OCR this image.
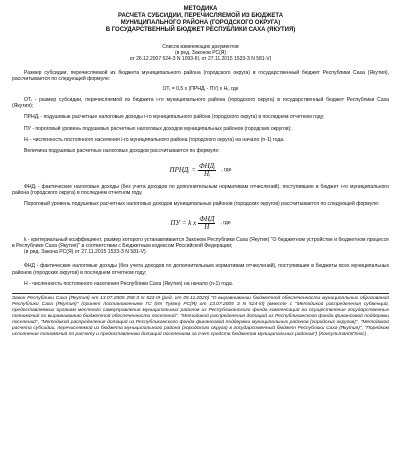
МЕТОДИКА

РАСЧЕТА СУБСИДИИ, ПЕРЕЧИСЛЯЕМОЙ ИЗ БЮДЖЕТА

МУНИЦИПАЛЬНОГО РАЙОНА (ГОРОДСКОГО ОКРУГА)

В ГОСУДАРСТВЕННЫЙ БЮДЖЕТ РЕСПУБЛИКИ САХА (ЯКУТИЯ)

Список изменяющих документов

(в ред. Законов РС(Я)

от 26.12.2007 524-З N 1093-III, от 27.11.2015 1533-З N 581-V)

Размер субсидии, перечисляемой из бюджета муниципального района (городского округа) в государственный бюджет Республики Саха (Якутия), рассчитывается по следующей формуле:

ОТᵢ = 0,5 х (ПРНДᵢ - ПУ) х Нᵢ, где

ОТᵢ - размер субсидии, перечисляемой из бюджета i-го муниципального района (городского округа) в государственный бюджет Республики Саха (Якутия);

ПРНДᵢ - подушевые расчетные налоговые доходы i-го муниципального района (городского округа) в последнем отчетном году;

ПУ - пороговый уровень подушевых расчетных налоговых доходов муниципальных районов (городских округов);

Нᵢ - численность постоянного населения i-го муниципального района (городского округа) на начало (n-1) года.

Величина подушевых расчетных налоговых доходов рассчитывается по формуле:

ПРНДᵢ = $\frac{\text{ФНДᵢ}}{\text{Нᵢ}}$ , где

ФНДᵢ - фактические налоговые доходы (без учета доходов по дополнительным нормативам отчислений), поступившие в бюджет i-го муниципального района (городского округа) в последнем отчетном году.

Пороговый уровень подушевых расчетных налоговых доходов муниципальных районов (городских округов) рассчитывается по следующей формуле:

ПУ = k x $\frac{\text{ФНД}}{Н}$ , где

k - критериальный коэффициент, размер которого устанавливается Законом Республики Саха (Якутия) "О бюджетном устройстве и бюджетном процессе в Республике Саха (Якутия)" в соответствии с Бюджетным кодексом Российской Федерации;

(в ред. Закона РС(Я) от 27.11.2015 1533-З N 581-V)

ФНД - фактические налоговые доходы (без учета доходов по дополнительным нормативам отчислений), поступившие в бюджеты всех муниципальных районов (городских округов) в последнем отчетном году;

Н - численность постоянного населения Республики Саха (Якутия) на начало (n-1) года.

Закон Республики Саха (Якутия) от 13.07.2005 258-З N 523-III (ред. от 05.11.2020) "О выравнивании бюджетной обеспеченности муниципальных образований Республики Саха (Якутия)" (принят постановлением ГС (Ил Тумэн) РС(Я) от 13.07.2005 З N 524-III) (вместе с "Методикой распределения субвенций, предоставляемых органам местного самоуправления муниципальных районов из Республиканского фонда компенсаций на осуществление государственных полномочий по выравниванию бюджетной обеспеченности поселений", "Методикой распределения дотаций из Республиканского фонда финансовой поддержки поселений", "Методикой распределения дотаций из Республиканского фонда финансовой поддержки муниципальных районов (городских округов)", "Методикой расчета субсидии, перечисляемой из бюджета муниципального района (городского округа) в государственный бюджет Республики Саха (Якутия)", "Порядком исполнения полномочий по расчету и предоставлению дотаций поселениям за счет средств бюджетов муниципальных районов") {КонсультантПлюс}
